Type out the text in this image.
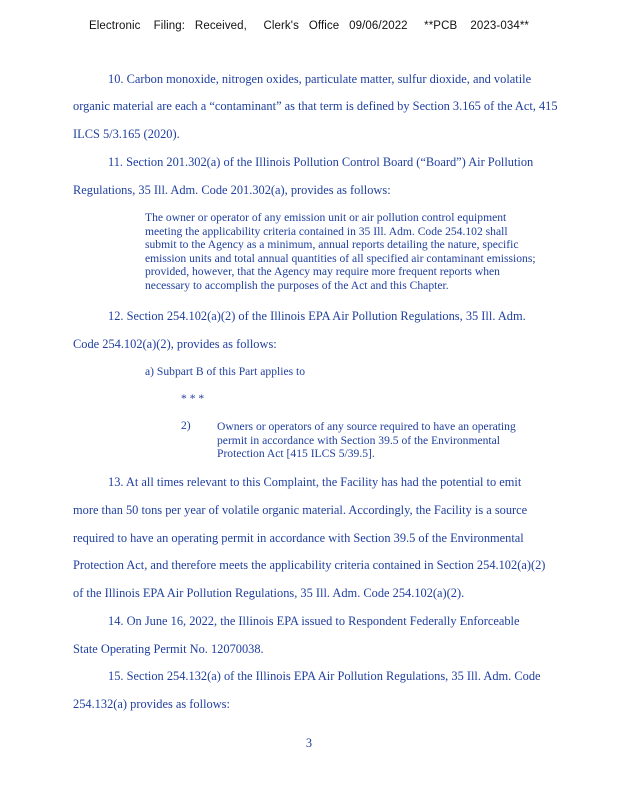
Electronic    Filing:   Received,     Clerk's   Office   09/06/2022     **PCB    2023-034**
10. Carbon monoxide, nitrogen oxides, particulate matter, sulfur dioxide, and volatile
organic material are each a “contaminant” as that term is defined by Section 3.165 of the Act, 415
ILCS 5/3.165 (2020).
11. Section 201.302(a) of the Illinois Pollution Control Board (“Board”) Air Pollution
Regulations, 35 Ill. Adm. Code 201.302(a), provides as follows:
The owner or operator of any emission unit or air pollution control equipment
meeting the applicability criteria contained in 35 Ill. Adm. Code 254.102 shall
submit to the Agency as a minimum, annual reports detailing the nature, specific
emission units and total annual quantities of all specified air contaminant emissions;
provided, however, that the Agency may require more frequent reports when
necessary to accomplish the purposes of the Act and this Chapter.
12. Section 254.102(a)(2) of the Illinois EPA Air Pollution Regulations, 35 Ill. Adm.
Code 254.102(a)(2), provides as follows:
a) Subpart B of this Part applies to
* * *
2) Owners or operators of any source required to have an operating
permit in accordance with Section 39.5 of the Environmental
Protection Act [415 ILCS 5/39.5].
13. At all times relevant to this Complaint, the Facility has had the potential to emit
more than 50 tons per year of volatile organic material. Accordingly, the Facility is a source
required to have an operating permit in accordance with Section 39.5 of the Environmental
Protection Act, and therefore meets the applicability criteria contained in Section 254.102(a)(2)
of the Illinois EPA Air Pollution Regulations, 35 Ill. Adm. Code 254.102(a)(2).
14. On June 16, 2022, the Illinois EPA issued to Respondent Federally Enforceable
State Operating Permit No. 12070038.
15. Section 254.132(a) of the Illinois EPA Air Pollution Regulations, 35 Ill. Adm. Code
254.132(a) provides as follows:
3
